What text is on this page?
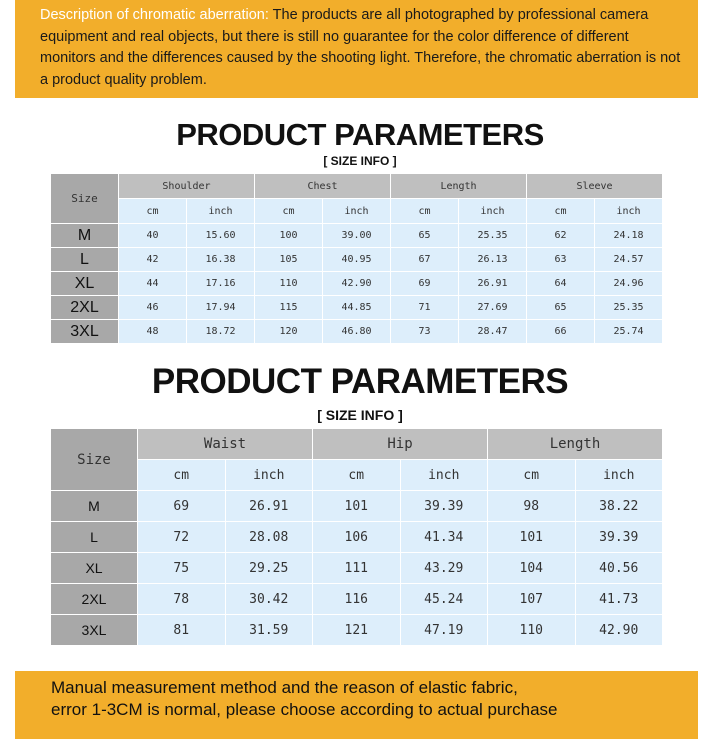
Description of chromatic aberration: The products are all photographed by professional camera equipment and real objects, but there is still no guarantee for the color difference of different monitors and the differences caused by the shooting light. Therefore, the chromatic aberration is not a product quality problem.

PRODUCT PARAMETERS
[ SIZE INFO ]
Size	Shoulder		Chest		Length		Sleeve	
	cm	inch	cm	inch	cm	inch	cm	inch
M	40	15.60	100	39.00	65	25.35	62	24.18
L	42	16.38	105	40.95	67	26.13	63	24.57
XL	44	17.16	110	42.90	69	26.91	64	24.96
2XL	46	17.94	115	44.85	71	27.69	65	25.35
3XL	48	18.72	120	46.80	73	28.47	66	25.74
PRODUCT PARAMETERS
[ SIZE INFO ]
Size	Waist		Hip		Length	
	cm	inch	cm	inch	cm	inch
M	69	26.91	101	39.39	98	38.22
L	72	28.08	106	41.34	101	39.39
XL	75	29.25	111	43.29	104	40.56
2XL	78	30.42	116	45.24	107	41.73
3XL	81	31.59	121	47.19	110	42.90

Manual measurement method and the reason of elastic fabric,
error 1-3CM is normal, please choose according to actual purchase
